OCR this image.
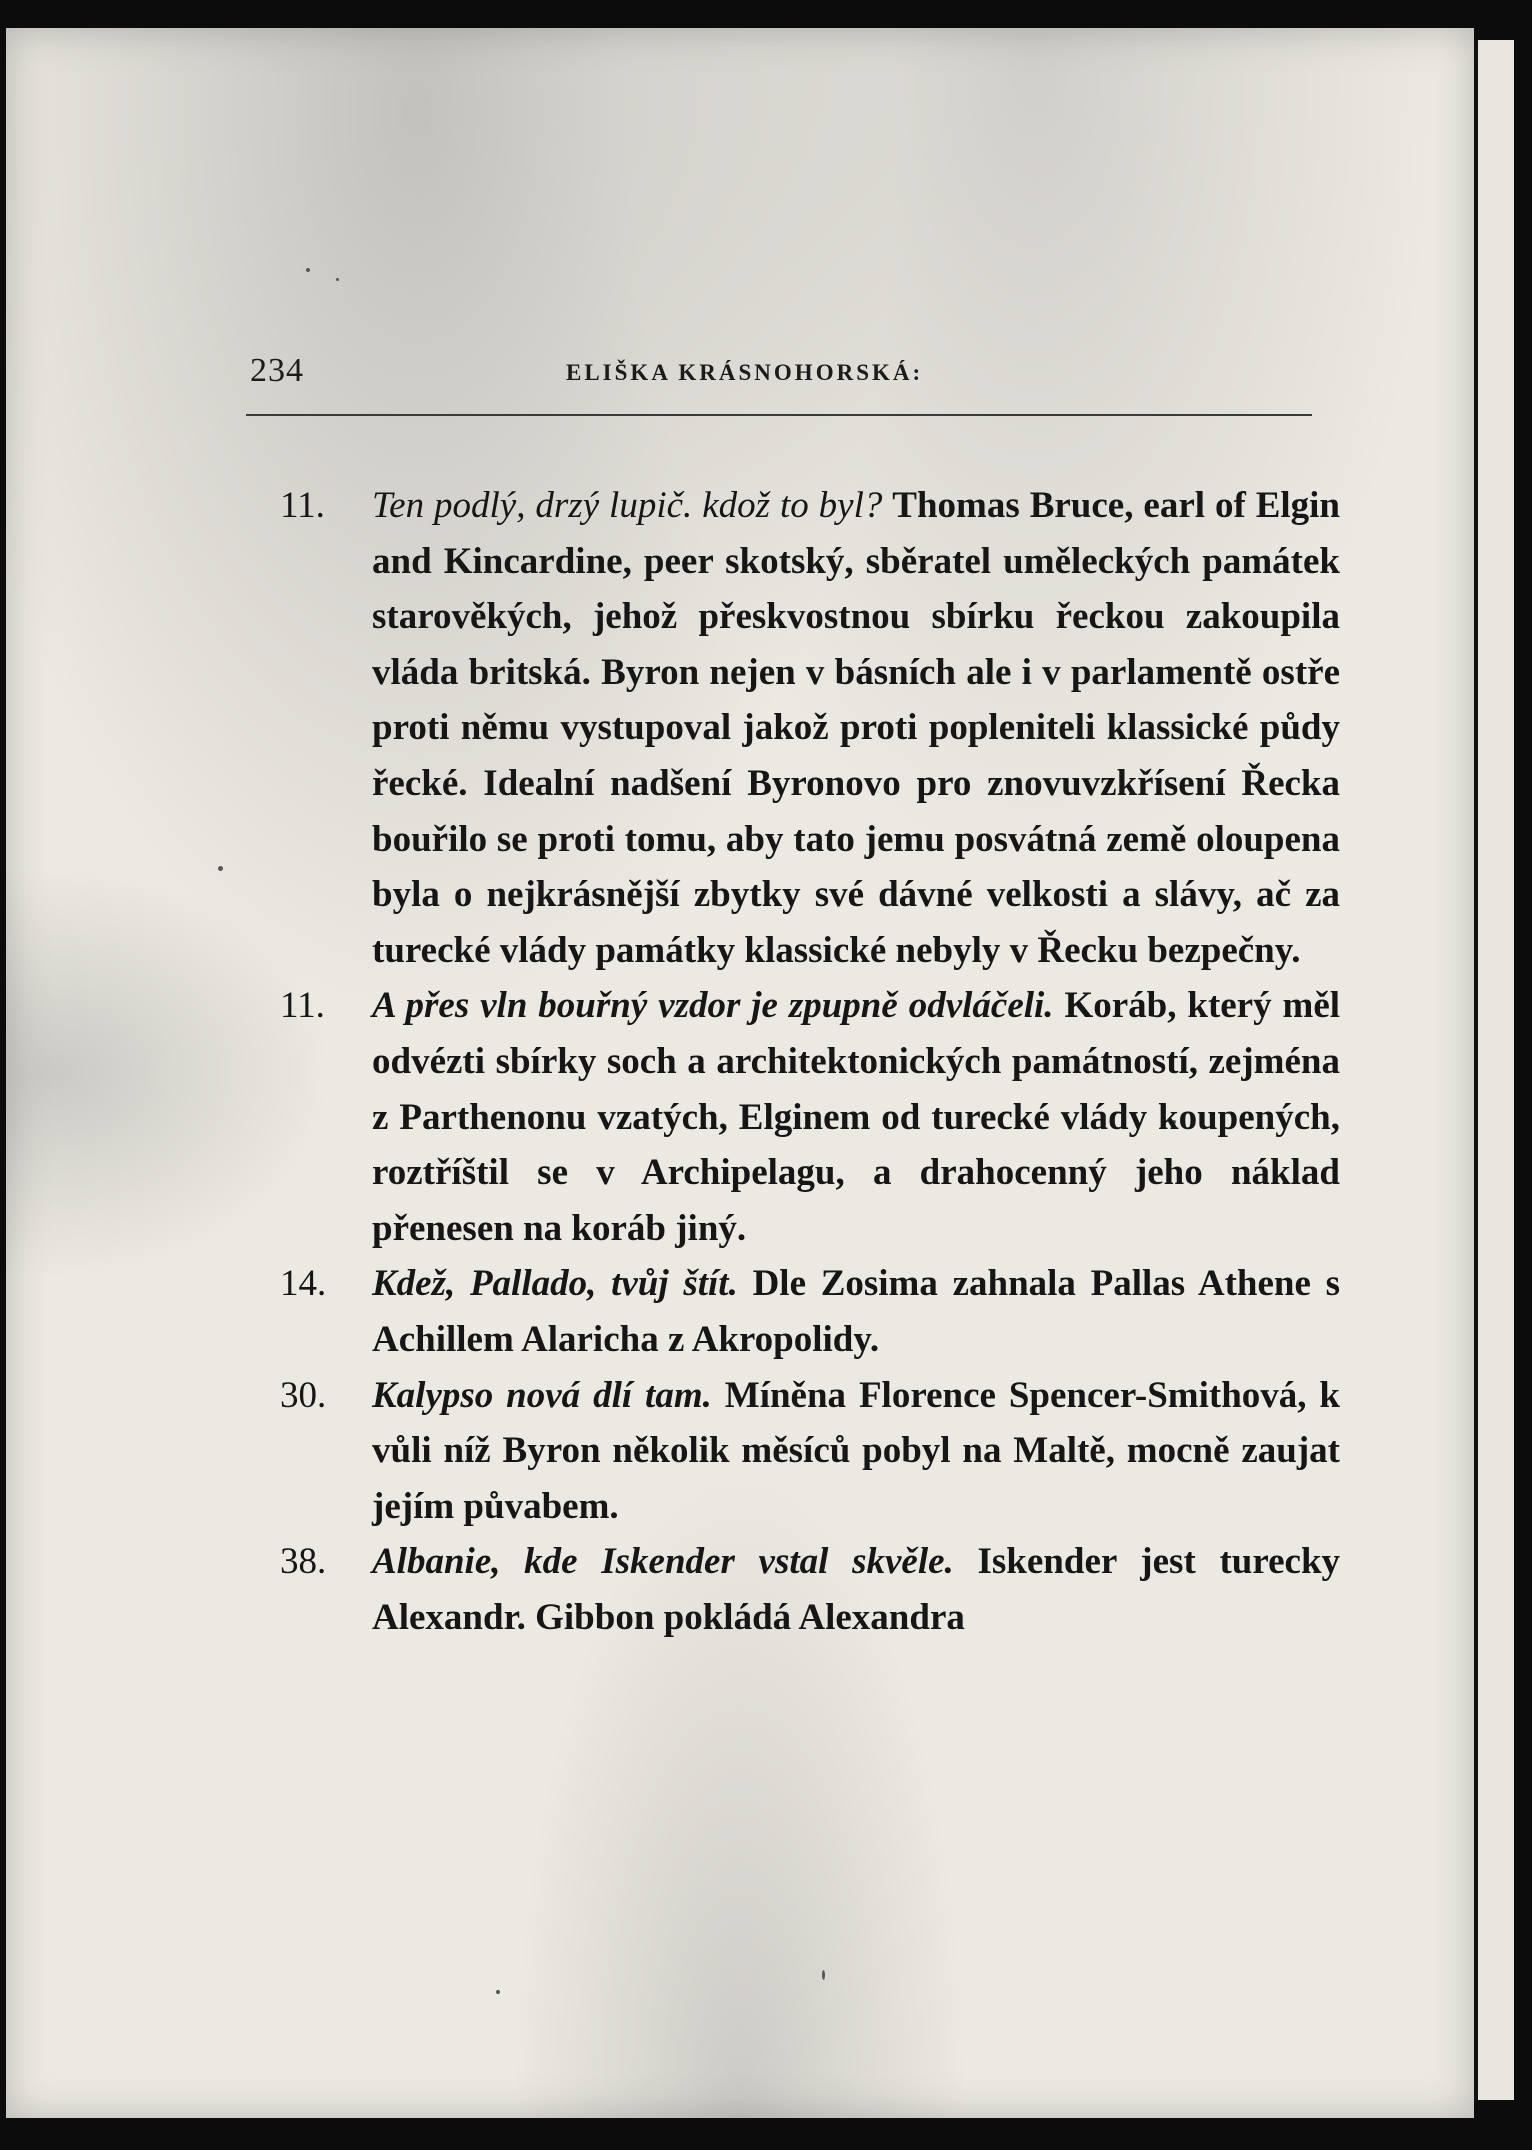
234	ELIŠKA KRÁSNOHORSKÁ:
11.	Ten podlý, drzý lupič. kdož to byl? Thomas Bruce, earl of Elgin and Kincardine, peer skotský, sběratel uměleckých památek starověkých, jehož přeskvostnou sbírku řeckou zakoupila vláda britská. Byron nejen v básních ale i v parlamentě ostře proti němu vystupoval jakož proti popleniteli klassické půdy řecké. Idealní nadšení Byronovo pro znovuvzkřísení Řecka bouřilo se proti tomu, aby tato jemu posvátná země oloupena byla o nejkrásnější zbytky své dávné velkosti a slávy, ač za turecké vlády památky klassické nebyly v Řecku bezpečny.
11.	A přes vln bouřný vzdor je zpupně odvláčeli. Koráb, který měl odvézti sbírky soch a architektonických památností, zejména z Parthenonu vzatých, Elginem od turecké vlády koupených, roztříštil se v Archipelagu, a drahocenný jeho náklad přenesen na koráb jiný.
14.	Kdež, Pallado, tvůj štít. Dle Zosima zahnala Pallas Athene s Achillem Alaricha z Akropolidy.
30.	Kalypso nová dlí tam. Míněna Florence Spencer-Smithová, k vůli níž Byron několik měsíců pobyl na Maltě, mocně zaujat jejím půvabem.
38.	Albanie, kde Iskender vstal skvěle. Iskender jest turecky Alexandr. Gibbon pokládá Alexandra
